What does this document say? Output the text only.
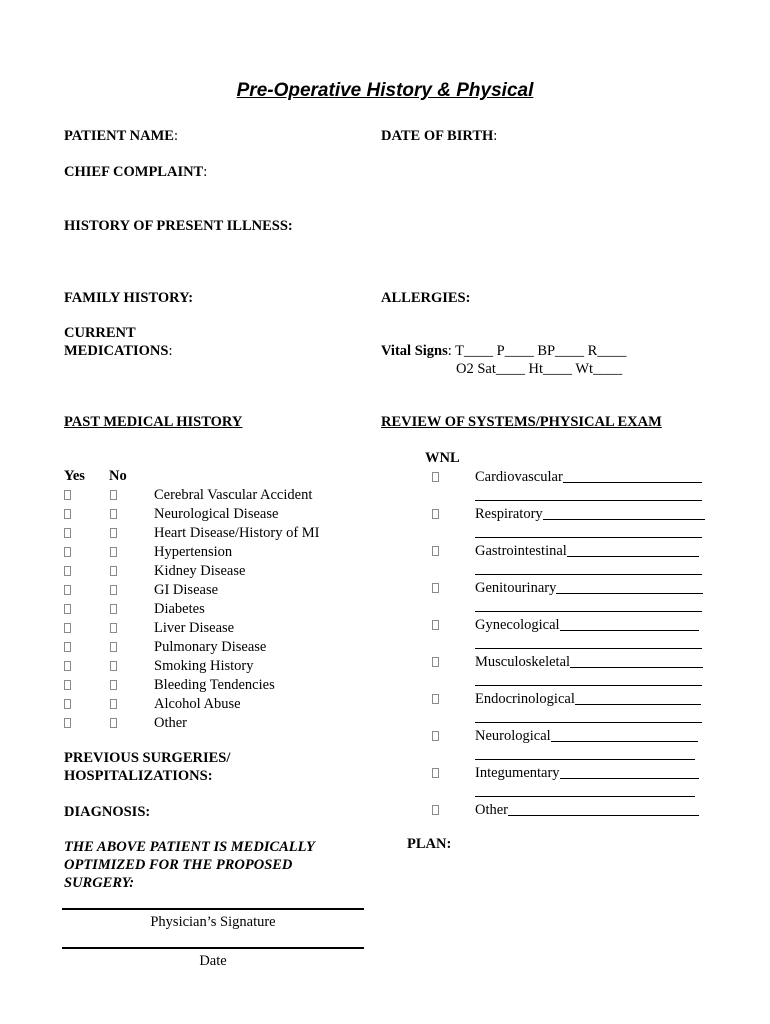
Pre-Operative History & Physical
PATIENT NAME:	DATE OF BIRTH:
CHIEF COMPLAINT:
HISTORY OF PRESENT ILLNESS:
FAMILY HISTORY:	ALLERGIES:
CURRENT
MEDICATIONS:	Vital Signs: T____ P____ BP____ R____
O2 Sat____ Ht____ Wt____
PAST MEDICAL HISTORY	REVIEW OF SYSTEMS/PHYSICAL EXAM
Yes No
Cerebral Vascular Accident
Neurological Disease
Heart Disease/History of MI
Hypertension
Kidney Disease
GI Disease
Diabetes
Liver Disease
Pulmonary Disease
Smoking History
Bleeding Tendencies
Alcohol Abuse
Other
WNL
Cardiovascular
Respiratory
Gastrointestinal
Genitourinary
Gynecological
Musculoskeletal
Endocrinological
Neurological
Integumentary
Other
PREVIOUS SURGERIES/
HOSPITALIZATIONS:
DIAGNOSIS:
PLAN:
THE ABOVE PATIENT IS MEDICALLY
OPTIMIZED FOR THE PROPOSED
SURGERY:
Physician’s Signature
Date
